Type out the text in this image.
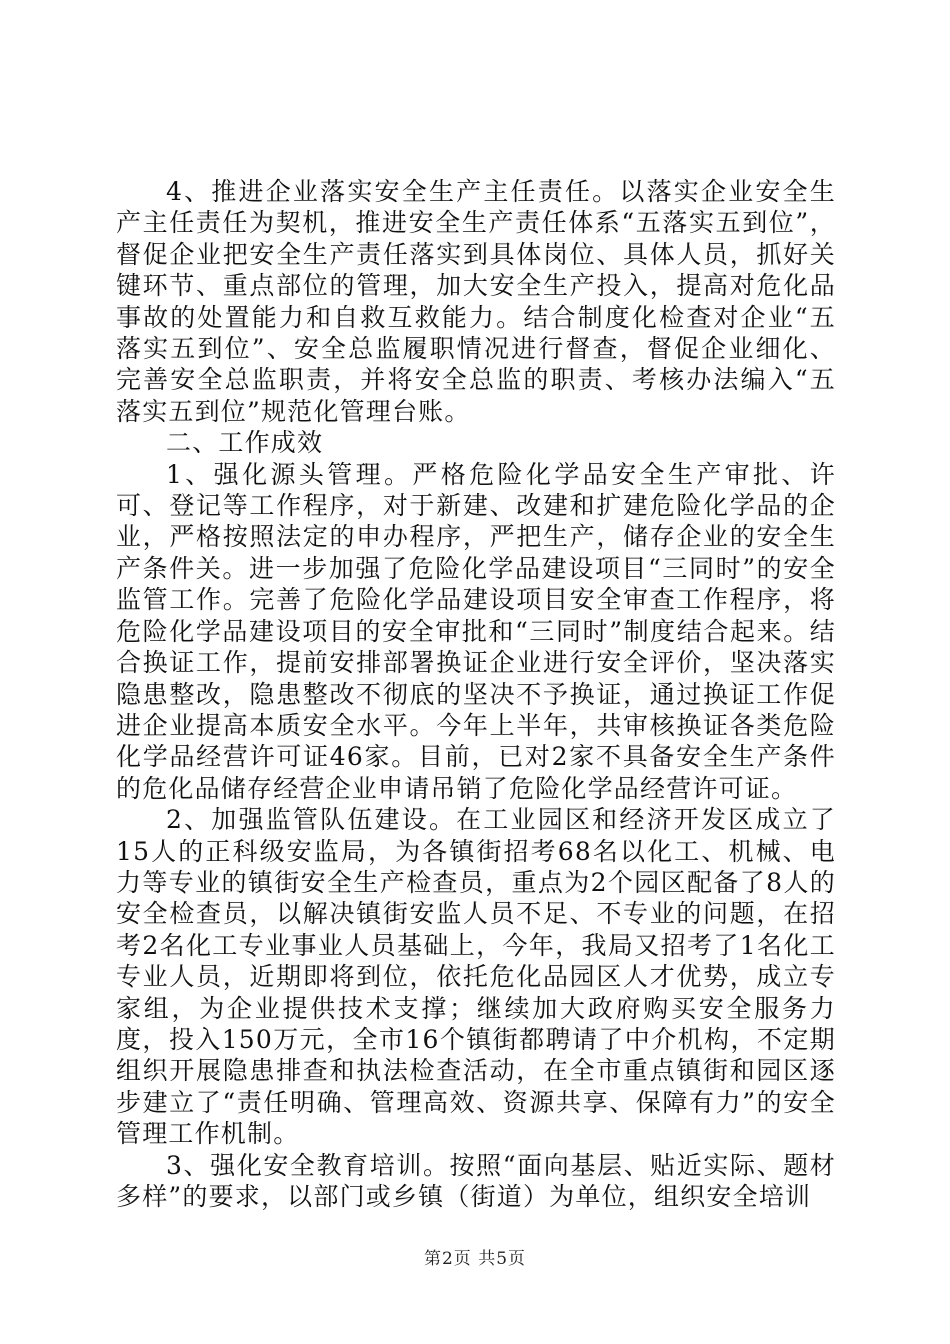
4、推进企业落实安全生产主任责任。以落实企业安全生产主任责任为契机，推进安全生产责任体系“五落实五到位”，督促企业把安全生产责任落实到具体岗位、具体人员，抓好关键环节、重点部位的管理，加大安全生产投入，提高对危化品事故的处置能力和自救互救能力。结合制度化检查对企业“五落实五到位”、安全总监履职情况进行督查，督促企业细化、完善安全总监职责，并将安全总监的职责、考核办法编入“五落实五到位”规范化管理台账。

二、工作成效

1、强化源头管理。严格危险化学品安全生产审批、许可、登记等工作程序，对于新建、改建和扩建危险化学品的企业，严格按照法定的申办程序，严把生产，储存企业的安全生产条件关。进一步加强了危险化学品建设项目“三同时”的安全监管工作。完善了危险化学品建设项目安全审查工作程序，将危险化学品建设项目的安全审批和“三同时”制度结合起来。结合换证工作，提前安排部署换证企业进行安全评价，坚决落实隐患整改，隐患整改不彻底的坚决不予换证，通过换证工作促进企业提高本质安全水平。今年上半年，共审核换证各类危险化学品经营许可证46家。目前，已对2家不具备安全生产条件的危化品储存经营企业申请吊销了危险化学品经营许可证。

2、加强监管队伍建设。在工业园区和经济开发区成立了15人的正科级安监局，为各镇街招考68名以化工、机械、电力等专业的镇街安全生产检查员，重点为2个园区配备了8人的安全检查员，以解决镇街安监人员不足、不专业的问题，在招考2名化工专业事业人员基础上，今年，我局又招考了1名化工专业人员，近期即将到位，依托危化品园区人才优势，成立专家组，为企业提供技术支撑；继续加大政府购买安全服务力度，投入150万元，全市16个镇街都聘请了中介机构，不定期组织开展隐患排查和执法检查活动，在全市重点镇街和园区逐步建立了“责任明确、管理高效、资源共享、保障有力”的安全管理工作机制。

3、强化安全教育培训。按照“面向基层、贴近实际、题材多样”的要求，以部门或乡镇（街道）为单位，组织安全培训

第2页 共5页
